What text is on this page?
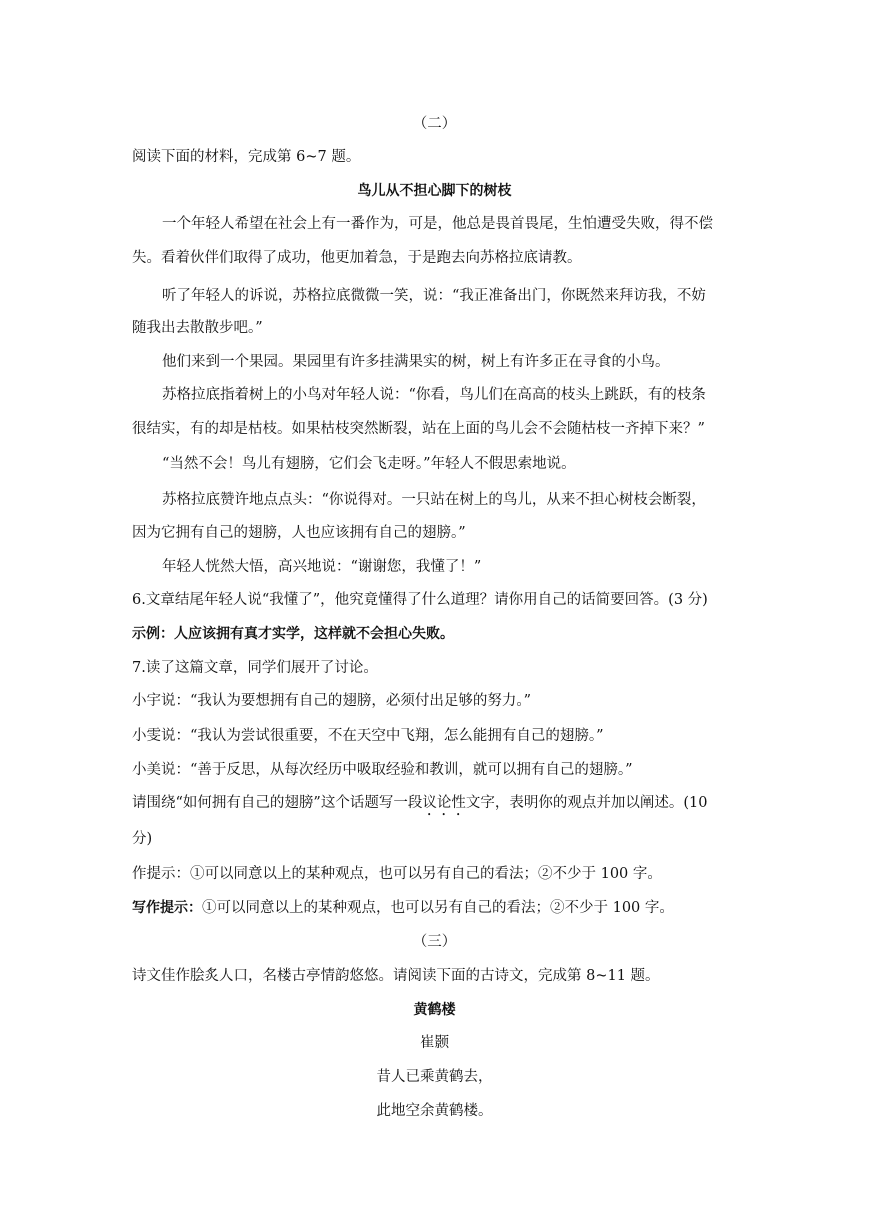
（二）
阅读下面的材料，完成第 6~7 题。
鸟儿从不担心脚下的树枝
一个年轻人希望在社会上有一番作为，可是，他总是畏首畏尾，生怕遭受失败，得不偿
失。看着伙伴们取得了成功，他更加着急，于是跑去向苏格拉底请教。
听了年轻人的诉说，苏格拉底微微一笑，说：“我正准备出门，你既然来拜访我，不妨
随我出去散散步吧。”
他们来到一个果园。果园里有许多挂满果实的树，树上有许多正在寻食的小鸟。
苏格拉底指着树上的小鸟对年轻人说：“你看，鸟儿们在高高的枝头上跳跃，有的枝条
很结实，有的却是枯枝。如果枯枝突然断裂，站在上面的鸟儿会不会随枯枝一齐掉下来？”
“当然不会！鸟儿有翅膀，它们会飞走呀。”年轻人不假思索地说。
苏格拉底赞许地点点头：“你说得对。一只站在树上的鸟儿，从来不担心树枝会断裂，
因为它拥有自己的翅膀，人也应该拥有自己的翅膀。”
年轻人恍然大悟，高兴地说：“谢谢您，我懂了！”
6.文章结尾年轻人说“我懂了”，他究竟懂得了什么道理？请你用自己的话简要回答。(3 分)
示例：人应该拥有真才实学，这样就不会担心失败。
7.读了这篇文章，同学们展开了讨论。
小宇说：“我认为要想拥有自己的翅膀，必须付出足够的努力。”
小雯说：“我认为尝试很重要，不在天空中飞翔，怎么能拥有自己的翅膀。”
小美说：“善于反思，从每次经历中吸取经验和教训，就可以拥有自己的翅膀。”
请围绕“如何拥有自己的翅膀”这个话题写一段议论性文字，表明你的观点并加以阐述。(10
分)
作提示：①可以同意以上的某种观点，也可以另有自己的看法；②不少于 100 字。
写作提示：①可以同意以上的某种观点，也可以另有自己的看法；②不少于 100 字。
（三）
诗文佳作脍炙人口，名楼古亭情韵悠悠。请阅读下面的古诗文，完成第 8~11 题。
黄鹤楼
崔颢
昔人已乘黄鹤去，
此地空余黄鹤楼。
